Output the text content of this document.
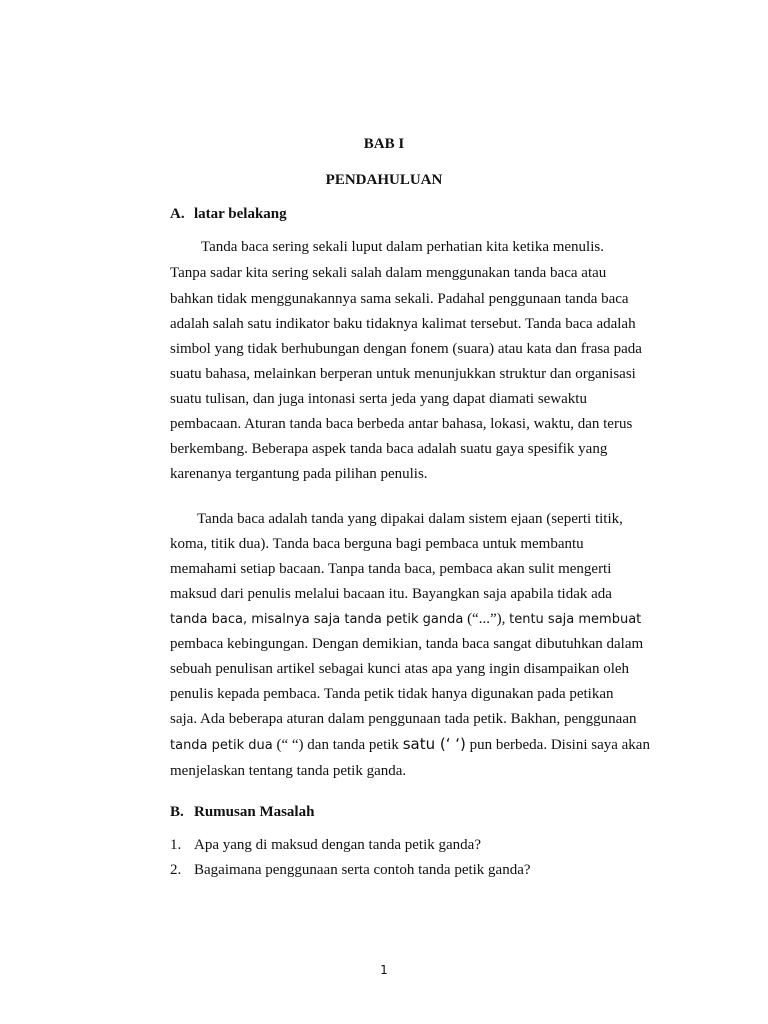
BAB I
PENDAHULUAN
A. latar belakang
Tanda baca sering sekali luput dalam perhatian kita ketika menulis.
Tanpa sadar kita sering sekali salah dalam menggunakan tanda baca atau
bahkan tidak menggunakannya sama sekali. Padahal penggunaan tanda baca
adalah salah satu indikator baku tidaknya kalimat tersebut. Tanda baca adalah
simbol yang tidak berhubungan dengan fonem (suara) atau kata dan frasa pada
suatu bahasa, melainkan berperan untuk menunjukkan struktur dan organisasi
suatu tulisan, dan juga intonasi serta jeda yang dapat diamati sewaktu
pembacaan. Aturan tanda baca berbeda antar bahasa, lokasi, waktu, dan terus
berkembang. Beberapa aspek tanda baca adalah suatu gaya spesifik yang
karenanya tergantung pada pilihan penulis.
Tanda baca adalah tanda yang dipakai dalam sistem ejaan (seperti titik,
koma, titik dua). Tanda baca berguna bagi pembaca untuk membantu
memahami setiap bacaan. Tanpa tanda baca, pembaca akan sulit mengerti
maksud dari penulis melalui bacaan itu. Bayangkan saja apabila tidak ada
tanda baca, misalnya saja tanda petik ganda (“...”), tentu saja membuat
pembaca kebingungan. Dengan demikian, tanda baca sangat dibutuhkan dalam
sebuah penulisan artikel sebagai kunci atas apa yang ingin disampaikan oleh
penulis kepada pembaca. Tanda petik tidak hanya digunakan pada petikan
saja. Ada beberapa aturan dalam penggunaan tada petik. Bakhan, penggunaan
tanda petik dua (“ “) dan tanda petik satu (‘ ‘) pun berbeda. Disini saya akan
menjelaskan tentang tanda petik ganda.
B. Rumusan Masalah
1. Apa yang di maksud dengan tanda petik ganda?
2. Bagaimana penggunaan serta contoh tanda petik ganda?
1
